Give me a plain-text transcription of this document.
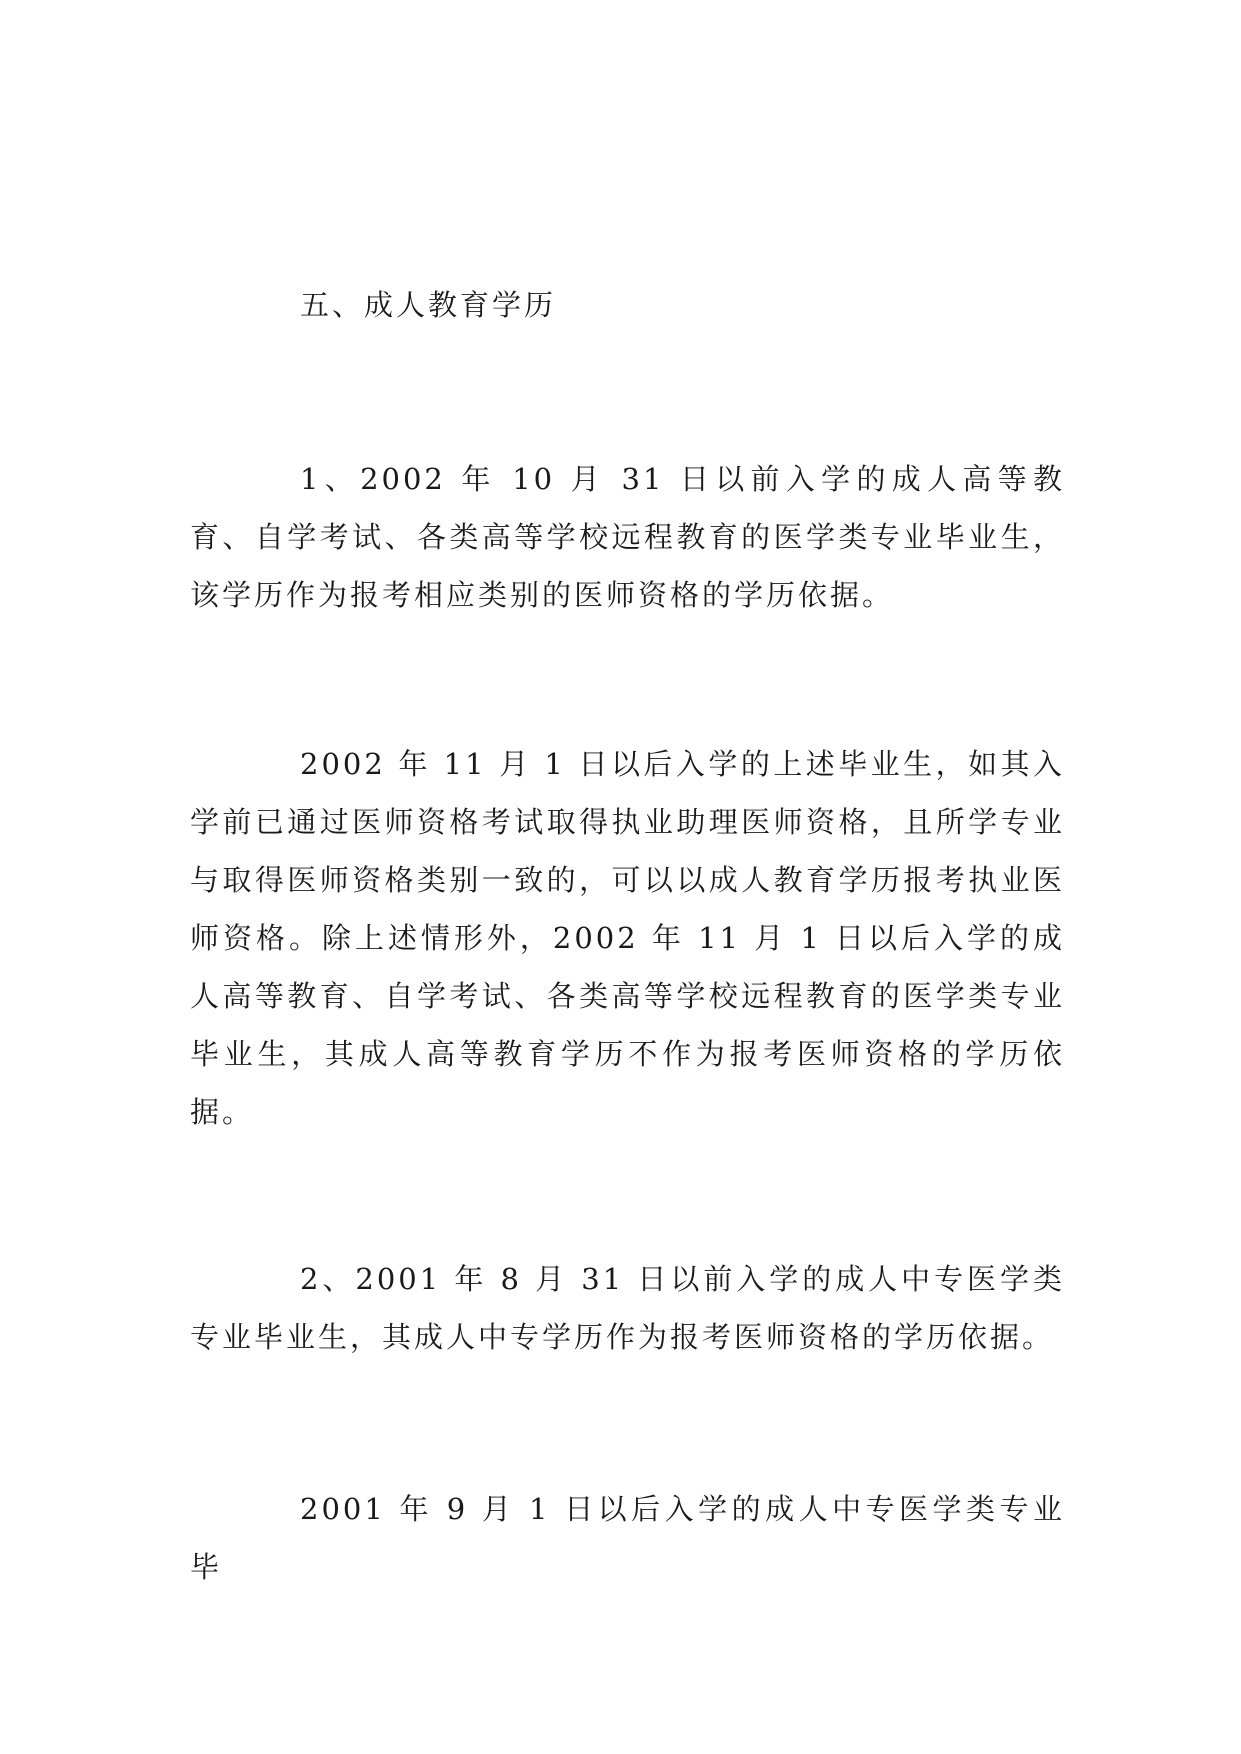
五、成人教育学历

1、2002 年 10 月 31 日以前入学的成人高等教育、自学考试、各类高等学校远程教育的医学类专业毕业生，该学历作为报考相应类别的医师资格的学历依据。

2002 年 11 月 1 日以后入学的上述毕业生，如其入学前已通过医师资格考试取得执业助理医师资格，且所学专业与取得医师资格类别一致的，可以以成人教育学历报考执业医师资格。除上述情形外，2002 年 11 月 1 日以后入学的成人高等教育、自学考试、各类高等学校远程教育的医学类专业毕业生，其成人高等教育学历不作为报考医师资格的学历依据。

2、2001 年 8 月 31 日以前入学的成人中专医学类专业毕业生，其成人中专学历作为报考医师资格的学历依据。

2001 年 9 月 1 日以后入学的成人中专医学类专业毕
